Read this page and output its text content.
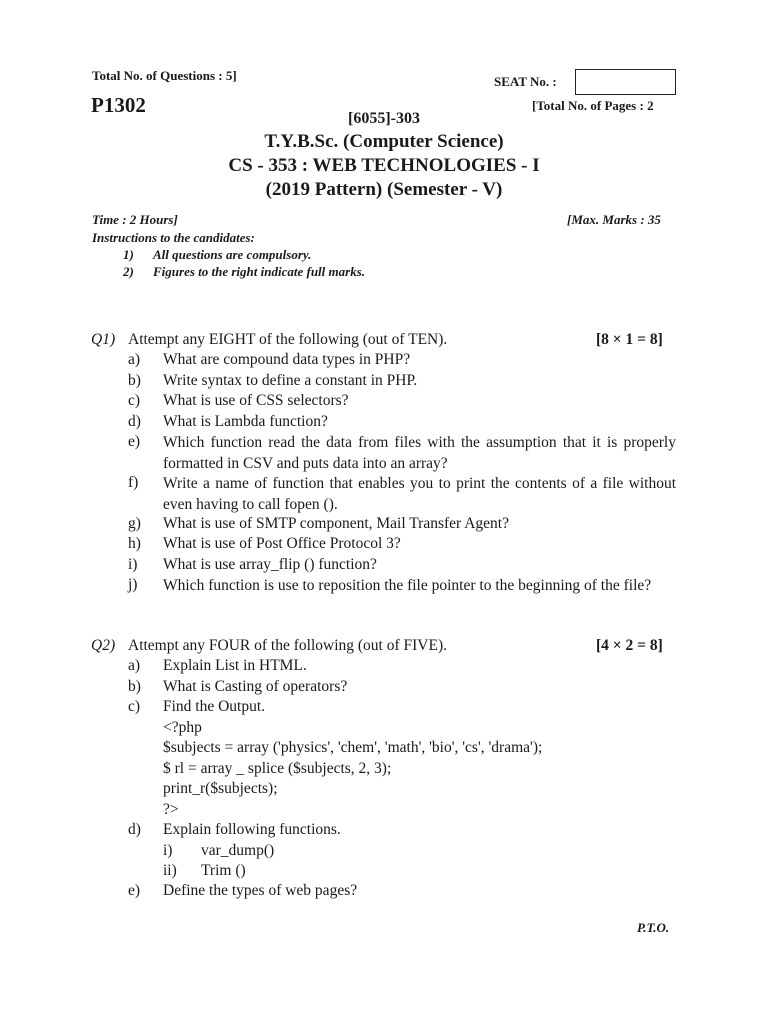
Total No. of Questions : 5]	SEAT No. :
P1302	[Total No. of Pages : 2
[6055]-303
T.Y.B.Sc. (Computer Science)
CS - 353 : WEB TECHNOLOGIES - I
(2019 Pattern) (Semester - V)
Time : 2 Hours]	[Max. Marks : 35
Instructions to the candidates:
1) All questions are compulsory.
2) Figures to the right indicate full marks.
Q1) Attempt any EIGHT of the following (out of TEN).	[8 × 1 = 8]
a) What are compound data types in PHP?
b) Write syntax to define a constant in PHP.
c) What is use of CSS selectors?
d) What is Lambda function?
e) Which function read the data from files with the assumption that it is properly formatted in CSV and puts data into an array?
f) Write a name of function that enables you to print the contents of a file without even having to call fopen ().
g) What is use of SMTP component, Mail Transfer Agent?
h) What is use of Post Office Protocol 3?
i) What is use array_flip () function?
j) Which function is use to reposition the file pointer to the beginning of the file?
Q2) Attempt any FOUR of the following (out of FIVE).	[4 × 2 = 8]
a) Explain List in HTML.
b) What is Casting of operators?
c) Find the Output.
<?php
$subjects = array ('physics', 'chem', 'math', 'bio', 'cs', 'drama');
$ rl = array _ splice ($subjects, 2, 3);
print_r($subjects);
?>
d) Explain following functions.
i) var_dump()
ii) Trim ()
e) Define the types of web pages?
P.T.O.
